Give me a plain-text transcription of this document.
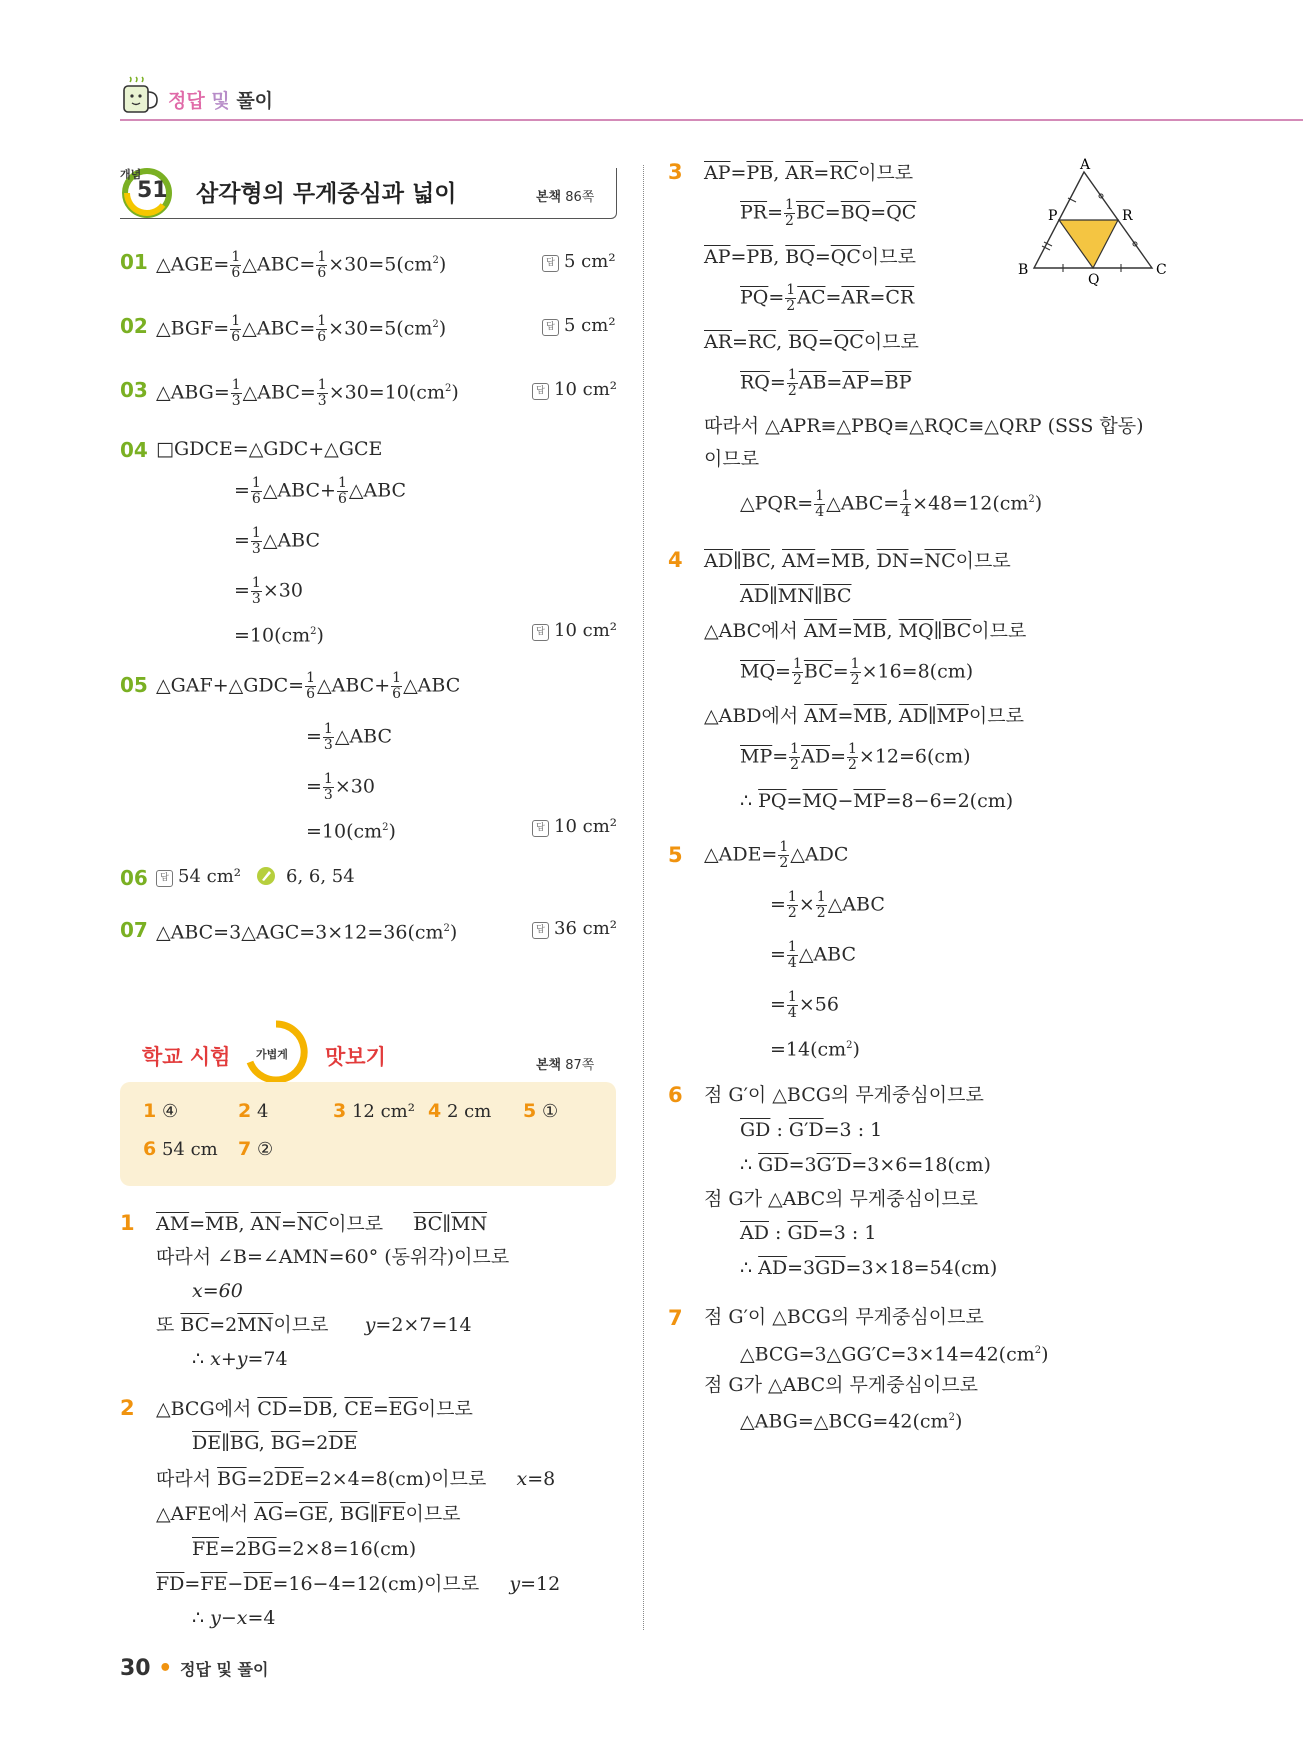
정답 및 풀이
개념
51 삼각형의 무게중심과 넓이	본책 86쪽
01 △AGE= $\frac{1}{6}$ △ABC= $\frac{1}{6} \times 30=5(cm^2)$	답 5 cm²
02 △BGF= $\frac{1}{6}$ △ABC= $\frac{1}{6} \times 30=5(cm^2)$	답 5 cm²
03 △ABG= $\frac{1}{3}$ △ABC= $\frac{1}{3} \times 30=10(cm^2)$	답 10 cm²
04 □GDCE=△GDC+△GCE
= $\frac{1}{6}$ △ABC+ $\frac{1}{6}$ △ABC
= $\frac{1}{3}$ △ABC
= $\frac{1}{3} \times 30$
$=10(cm^2)$	답 10 cm²
05 △GAF+△GDC= $\frac{1}{6}$ △ABC+ $\frac{1}{6}$ △ABC
= $\frac{1}{3}$ △ABC
= $\frac{1}{3} \times 30$
$=10(cm^2)$	답 10 cm²
06	답 54 cm²	6, 6, 54
07 $\triangle ABC=3\triangle AGC=3\times 12=36(cm^2)$	답 36 cm²
학교 시험 가볍게 맛보기	본책 87쪽
1 ④	2 4	3 12 cm² 4 2 cm 5 ①
6 54 cm 7 ②
1 $\overline{AM}=\overline{MB}$, $\overline{AN}=\overline{NC}$이므로     $\overline{BC}\parallel\overline{MN}$
따라서 ∠B=∠AMN=60° (동위각)이므로
x=60
또 $\overline{BC}=2\overline{MN}$이므로      y=2×7=14
∴ x+y=74
2 △BCG에서 $\overline{CD}=\overline{DB}$, $\overline{CE}=\overline{EG}$이므로
$\overline{DE}\parallel\overline{BG}$, $\overline{BG}=2\overline{DE}$
따라서 $\overline{BG}=2\overline{DE}=2\times 4=8(cm)$이므로     x=8
△AFE에서 $\overline{AG}=\overline{GE}$, $\overline{BG}\parallel\overline{FE}$이므로
$\overline{FE}=2\overline{BG}=2\times 8=16(cm)$
$\overline{FD}=\overline{FE}-\overline{DE}=16-4=12(cm)$이므로     y=12
∴ y−x=4
3 $\overline{AP}=\overline{PB}$, $\overline{AR}=\overline{RC}$이므로
$\overline{PR}= \frac{1}{2} \overline{BC}=\overline{BQ}=\overline{QC}$
$\overline{AP}=\overline{PB}$, $\overline{BQ}=\overline{QC}$이므로
$\overline{PQ}= \frac{1}{2} \overline{AC}=\overline{AR}=\overline{CR}$
$\overline{AR}=\overline{RC}$, $\overline{BQ}=\overline{QC}$이므로
$\overline{RQ}= \frac{1}{2} \overline{AB}=\overline{AP}=\overline{BP}$
따라서 △APR≡△PBQ≡△RQC≡△QRP (SSS 합동)
이므로
△PQR= $\frac{1}{4}$ △ABC= $\frac{1}{4} \times 48=12(cm^2)$
A
B	C
P
Q
R
4 $\overline{AD}\parallel\overline{BC}$, $\overline{AM}=\overline{MB}$, $\overline{DN}=\overline{NC}$이므로
$\overline{AD}\parallel\overline{MN}\parallel\overline{BC}$
△ABC에서 $\overline{AM}=\overline{MB}$, $\overline{MQ}\parallel\overline{BC}$이므로
$\overline{MQ}= \frac{1}{2} \overline{BC}= \frac{1}{2} \times 16=8(cm)$
△ABD에서 $\overline{AM}=\overline{MB}$, $\overline{AD}\parallel\overline{MP}$이므로
$\overline{MP}= \frac{1}{2} \overline{AD}= \frac{1}{2} \times 12=6(cm)$
∴ $\overline{PQ}=\overline{MQ}-\overline{MP}=8-6=2(cm)$
5 △ADE= $\frac{1}{2}$ △ADC
= $\frac{1}{2} \times \frac{1}{2}$ △ABC
= $\frac{1}{4}$ △ABC
= $\frac{1}{4} \times 56$
$=14(cm^2)$
6 점 G′이 △BCG의 무게중심이므로
$\overline{GD}$ : G′D=3 : 1
∴ $\overline{GD}=3G'D=3\times 6=18(cm)$
점 G가 △ABC의 무게중심이므로
$\overline{AD}$ : $\overline{GD}=3$ : 1
∴ $\overline{AD}=3\overline{GD}=3\times 18=54(cm)$
7 점 G′이 △BCG의 무게중심이므로
$\triangle BCG=3\triangle GG'C=3\times 14=42(cm^2)$
점 G가 △ABC의 무게중심이므로
$\triangle ABG=\triangle BCG=42(cm^2)$
30 • 정답 및 풀이
